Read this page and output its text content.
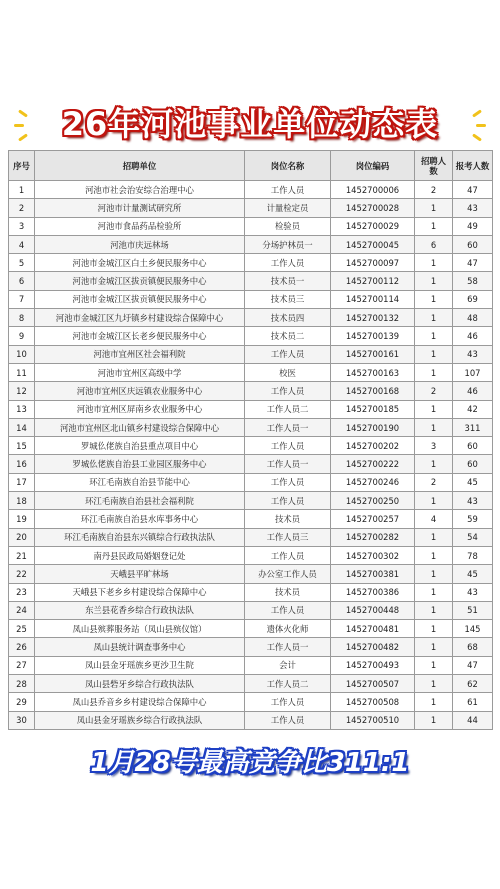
26年河池事业单位动态表
序号	招聘单位	岗位名称	岗位编码	招聘人数	报考人数
1	河池市社会治安综合治理中心	工作人员	1452700006	2	47
2	河池市计量测试研究所	计量检定员	1452700028	1	43
3	河池市食品药品检验所	检验员	1452700029	1	49
4	河池市庆远林场	分场护林员一	1452700045	6	60
5	河池市金城江区白土乡便民服务中心	工作人员	1452700097	1	47
6	河池市金城江区拔贡镇便民服务中心	技术员一	1452700112	1	58
7	河池市金城江区拔贡镇便民服务中心	技术员三	1452700114	1	69
8	河池市金城江区九圩镇乡村建设综合保障中心	技术员四	1452700132	1	48
9	河池市金城江区长老乡便民服务中心	技术员二	1452700139	1	46
10	河池市宜州区社会福利院	工作人员	1452700161	1	43
11	河池市宜州区高级中学	校医	1452700163	1	107
12	河池市宜州区庆远镇农业服务中心	工作人员	1452700168	2	46
13	河池市宜州区屏南乡农业服务中心	工作人员二	1452700185	1	42
14	河池市宜州区北山镇乡村建设综合保障中心	工作人员一	1452700190	1	311
15	罗城仫佬族自治县重点项目中心	工作人员	1452700202	3	60
16	罗城仫佬族自治县工业园区服务中心	工作人员一	1452700222	1	60
17	环江毛南族自治县节能中心	工作人员	1452700246	2	45
18	环江毛南族自治县社会福利院	工作人员	1452700250	1	43
19	环江毛南族自治县水库事务中心	技术员	1452700257	4	59
20	环江毛南族自治县东兴镇综合行政执法队	工作人员三	1452700282	1	54
21	南丹县民政局婚姻登记处	工作人员	1452700302	1	78
22	天峨县平旷林场	办公室工作人员	1452700381	1	45
23	天峨县下老乡乡村建设综合保障中心	技术员	1452700386	1	43
24	东兰县花香乡综合行政执法队	工作人员	1452700448	1	51
25	凤山县殡葬服务站（凤山县殡仪馆）	遗体火化师	1452700481	1	145
26	凤山县统计调查事务中心	工作人员一	1452700482	1	68
27	凤山县金牙瑶族乡更沙卫生院	会计	1452700493	1	47
28	凤山县砦牙乡综合行政执法队	工作人员二	1452700507	1	62
29	凤山县乔音乡乡村建设综合保障中心	工作人员	1452700508	1	61
30	凤山县金牙瑶族乡综合行政执法队	工作人员	1452700510	1	44
1月28号最高竞争比311:1
